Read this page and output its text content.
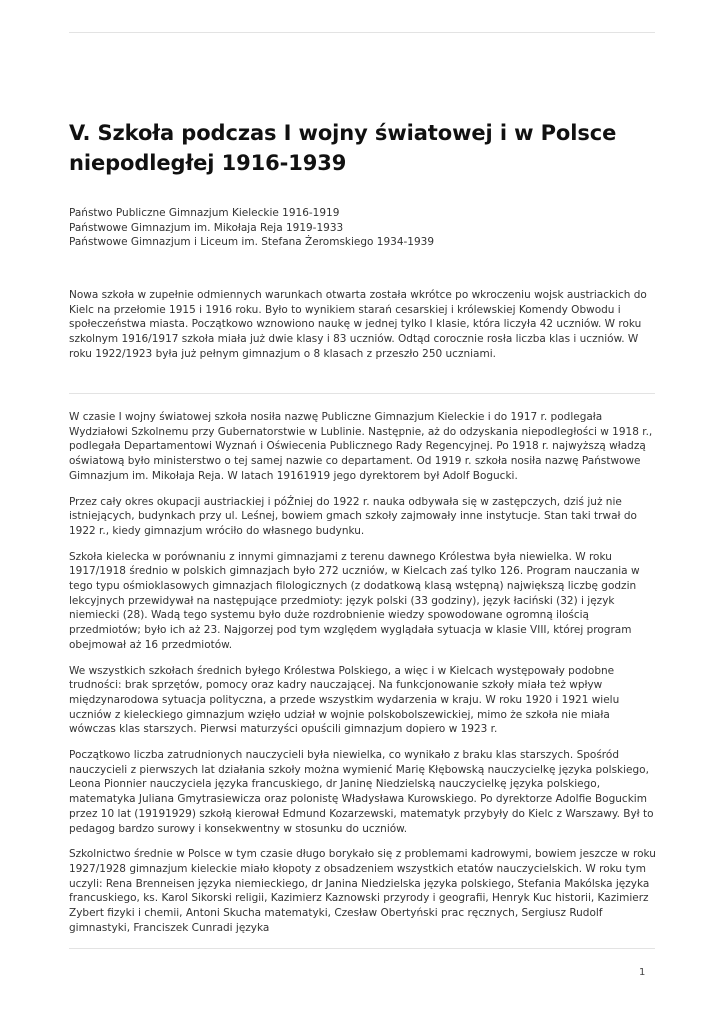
V. Szkoła podczas I wojny światowej i w Polsce niepodległej 1916-1939
Państwo Publiczne Gimnazjum Kieleckie 1916-1919
Państwowe Gimnazjum im. Mikołaja Reja 1919-1933
Państwowe Gimnazjum i Liceum im. Stefana Żeromskiego 1934-1939

Nowa szkoła w zupełnie odmiennych warunkach otwarta została wkrótce po wkroczeniu wojsk austriackich do Kielc na przełomie 1915 i 1916 roku. Było to wynikiem starań cesarskiej i królewskiej Komendy Obwodu i społeczeństwa miasta. Początkowo wznowiono naukę w jednej tylko I klasie, która liczyła 42 uczniów. W roku szkolnym 1916/1917 szkoła miała już dwie klasy i 83 uczniów. Odtąd corocznie rosła liczba klas i uczniów. W roku 1922/1923 była już pełnym gimnazjum o 8 klasach z przeszło 250 uczniami.

W czasie I wojny światowej szkoła nosiła nazwę Publiczne Gimnazjum Kieleckie i do 1917 r. podlegała Wydziałowi Szkolnemu przy Gubernatorstwie w Lublinie. Następnie, aż do odzyskania niepodległości w 1918 r., podlegała Departamentowi Wyznań i Oświecenia Publicznego Rady Regencyjnej. Po 1918 r. najwyższą władzą oświatową było ministerstwo o tej samej nazwie co departament. Od 1919 r. szkoła nosiła nazwę Państwowe Gimnazjum im. Mikołaja Reja. W latach 19161919 jego dyrektorem był Adolf Bogucki.

Przez cały okres okupacji austriackiej i póŹniej do 1922 r. nauka odbywała się w zastępczych, dziś już nie istniejących, budynkach przy ul. Leśnej, bowiem gmach szkoły zajmowały inne instytucje. Stan taki trwał do 1922 r., kiedy gimnazjum wróciło do własnego budynku.

Szkoła kielecka w porównaniu z innymi gimnazjami z terenu dawnego Królestwa była niewielka. W roku 1917/1918 średnio w polskich gimnazjach było 272 uczniów, w Kielcach zaś tylko 126. Program nauczania w tego typu ośmioklasowych gimnazjach filologicznych (z dodatkową klasą wstępną) największą liczbę godzin lekcyjnych przewidywał na następujące przedmioty: język polski (33 godziny), język łaciński (32) i język niemiecki (28). Wadą tego systemu było duże rozdrobnienie wiedzy spowodowane ogromną ilością przedmiotów; było ich aż 23. Najgorzej pod tym względem wyglądała sytuacja w klasie VIII, której program obejmował aż 16 przedmiotów.

We wszystkich szkołach średnich byłego Królestwa Polskiego, a więc i w Kielcach występowały podobne trudności: brak sprzętów, pomocy oraz kadry nauczającej. Na funkcjonowanie szkoły miała też wpływ międzynarodowa sytuacja polityczna, a przede wszystkim wydarzenia w kraju. W roku 1920 i 1921 wielu uczniów z kieleckiego gimnazjum wzięło udział w wojnie polskobolszewickiej, mimo że szkoła nie miała wówczas klas starszych. Pierwsi maturzyści opuścili gimnazjum dopiero w 1923 r.

Początkowo liczba zatrudnionych nauczycieli była niewielka, co wynikało z braku klas starszych. Spośród nauczycieli z pierwszych lat działania szkoły można wymienić Marię Kłębowską nauczycielkę języka polskiego, Leona Pionnier nauczyciela języka francuskiego, dr Janinę Niedzielską nauczycielkę języka polskiego, matematyka Juliana Gmytrasiewicza oraz polonistę Władysława Kurowskiego. Po dyrektorze Adolfie Boguckim przez 10 lat (19191929) szkołą kierował Edmund Kozarzewski, matematyk przybyły do Kielc z Warszawy. Był to pedagog bardzo surowy i konsekwentny w stosunku do uczniów.

Szkolnictwo średnie w Polsce w tym czasie długo borykało się z problemami kadrowymi, bowiem jeszcze w roku 1927/1928 gimnazjum kieleckie miało kłopoty z obsadzeniem wszystkich etatów nauczycielskich. W roku tym uczyli: Rena Brenneisen języka niemieckiego, dr Janina Niedzielska języka polskiego, Stefania Makólska języka francuskiego, ks. Karol Sikorski religii, Kazimierz Kaznowski przyrody i geografii, Henryk Kuc historii, Kazimierz Zybert fizyki i chemii, Antoni Skucha matematyki, Czesław Obertyński prac ręcznych, Sergiusz Rudolf gimnastyki, Franciszek Cunradi języka

1
